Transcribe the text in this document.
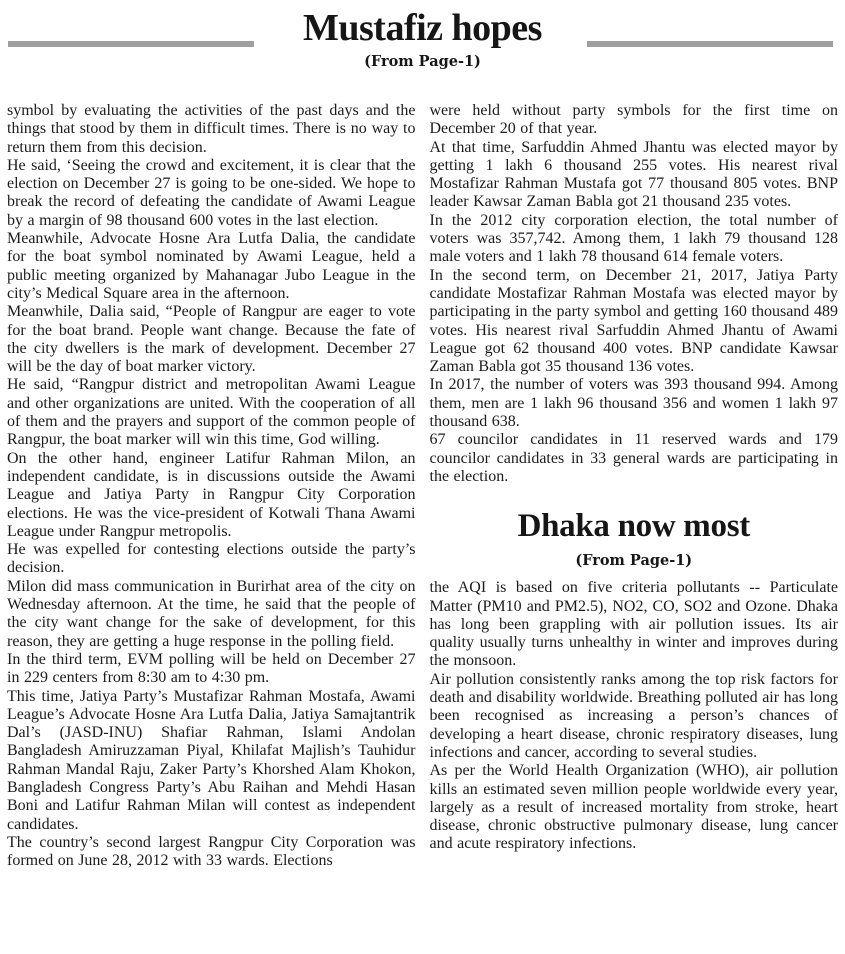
Mustafiz hopes
(From Page-1)

symbol by evaluating the activities of the past days and the things that stood by them in difficult times. There is no way to return them from this decision.

He said, ‘Seeing the crowd and excitement, it is clear that the election on December 27 is going to be one-sided. We hope to break the record of defeating the candidate of Awami League by a margin of 98 thousand 600 votes in the last election.

Meanwhile, Advocate Hosne Ara Lutfa Dalia, the candidate for the boat symbol nominated by Awami League, held a public meeting organized by Mahanagar Jubo League in the city’s Medical Square area in the afternoon.

Meanwhile, Dalia said, “People of Rangpur are eager to vote for the boat brand. People want change. Because the fate of the city dwellers is the mark of development. December 27 will be the day of boat marker victory.

He said, “Rangpur district and metropolitan Awami League and other organizations are united. With the cooperation of all of them and the prayers and support of the common people of Rangpur, the boat marker will win this time, God willing.

On the other hand, engineer Latifur Rahman Milon, an independent candidate, is in discussions outside the Awami League and Jatiya Party in Rangpur City Corporation elections. He was the vice-president of Kotwali Thana Awami League under Rangpur metropolis.

He was expelled for contesting elections outside the party’s decision.

Milon did mass communication in Burirhat area of the city on Wednesday afternoon. At the time, he said that the people of the city want change for the sake of development, for this reason, they are getting a huge response in the polling field.

In the third term, EVM polling will be held on December 27 in 229 centers from 8:30 am to 4:30 pm.

This time, Jatiya Party’s Mustafizar Rahman Mostafa, Awami League’s Advocate Hosne Ara Lutfa Dalia, Jatiya Samajtantrik Dal’s (JASD-INU) Shafiar Rahman, Islami Andolan Bangladesh Amiruzzaman Piyal, Khilafat Majlish’s Tauhidur Rahman Mandal Raju, Zaker Party’s Khorshed Alam Khokon, Bangladesh Congress Party’s Abu Raihan and Mehdi Hasan Boni and Latifur Rahman Milan will contest as independent candidates.

The country’s second largest Rangpur City Corporation was formed on June 28, 2012 with 33 wards. Elections

were held without party symbols for the first time on December 20 of that year.

At that time, Sarfuddin Ahmed Jhantu was elected mayor by getting 1 lakh 6 thousand 255 votes. His nearest rival Mostafizar Rahman Mustafa got 77 thousand 805 votes. BNP leader Kawsar Zaman Babla got 21 thousand 235 votes.

In the 2012 city corporation election, the total number of voters was 357,742. Among them, 1 lakh 79 thousand 128 male voters and 1 lakh 78 thousand 614 female voters.

In the second term, on December 21, 2017, Jatiya Party candidate Mostafizar Rahman Mostafa was elected mayor by participating in the party symbol and getting 160 thousand 489 votes. His nearest rival Sarfuddin Ahmed Jhantu of Awami League got 62 thousand 400 votes. BNP candidate Kawsar Zaman Babla got 35 thousand 136 votes.

In 2017, the number of voters was 393 thousand 994. Among them, men are 1 lakh 96 thousand 356 and women 1 lakh 97 thousand 638.

67 councilor candidates in 11 reserved wards and 179 councilor candidates in 33 general wards are participating in the election.

Dhaka now most
(From Page-1)

the AQI is based on five criteria pollutants -- Particulate Matter (PM10 and PM2.5), NO2, CO, SO2 and Ozone. Dhaka has long been grappling with air pollution issues. Its air quality usually turns unhealthy in winter and improves during the monsoon.

Air pollution consistently ranks among the top risk factors for death and disability worldwide. Breathing polluted air has long been recognised as increasing a person’s chances of developing a heart disease, chronic respiratory diseases, lung infections and cancer, according to several studies.

As per the World Health Organization (WHO), air pollution kills an estimated seven million people worldwide every year, largely as a result of increased mortality from stroke, heart disease, chronic obstructive pulmonary disease, lung cancer and acute respiratory infections.
